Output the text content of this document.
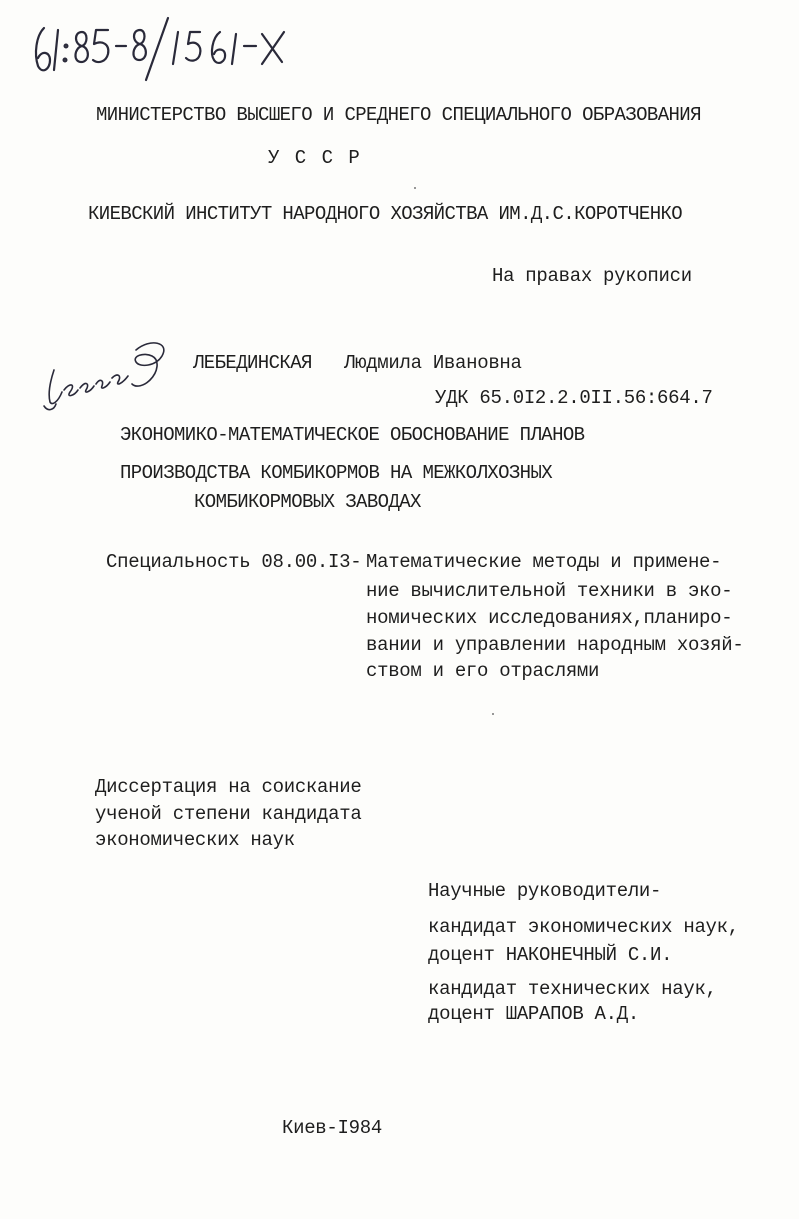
МИНИСТЕРСТВО ВЫСШЕГО И СРЕДНЕГО СПЕЦИАЛЬНОГО ОБРАЗОВАНИЯ
У С С Р
КИЕВСКИЙ ИНСТИТУТ НАРОДНОГО ХОЗЯЙСТВА ИМ.Д.С.КОРОТЧЕНКО
На правах рукописи
ЛЕБЕДИНСКАЯ Людмила Ивановна
УДК 65.0I2.2.0II.56:664.7
ЭКОНОМИКО-МАТЕМАТИЧЕСКОЕ ОБОСНОВАНИЕ ПЛАНОВ
ПРОИЗВОДСТВА КОМБИКОРМОВ НА МЕЖКОЛХОЗНЫХ
КОМБИКОРМОВЫХ ЗАВОДАХ
Специальность 08.00.I3- Математические методы и примене-
ние вычислительной техники в эко-
номических исследованиях,планиро-
вании и управлении народным хозяй-
ством и его отраслями
Диссертация на соискание
ученой степени кандидата
экономических наук
Научные руководители-
кандидат экономических наук,
доцент НАКОНЕЧНЫЙ С.И.
кандидат технических наук,
доцент ШАРАПОВ А.Д.
Киев-I984
